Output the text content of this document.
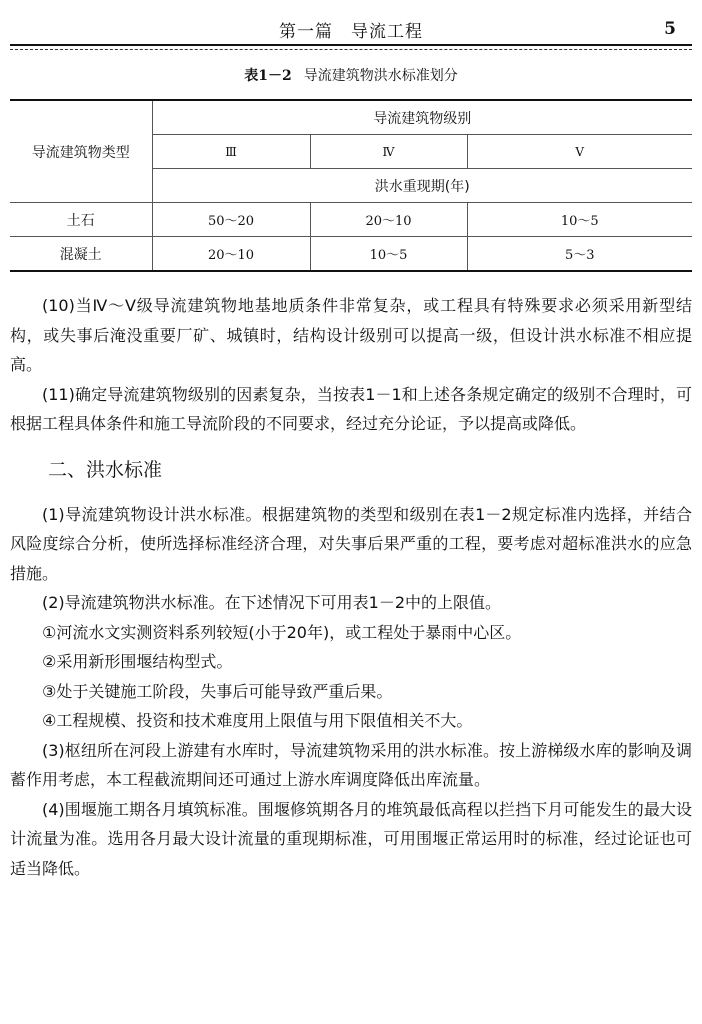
第一篇　导流工程	5
表1－2 导流建筑物洪水标准划分
导流建筑物类型	导流建筑物级别		
	Ⅲ	Ⅳ	Ⅴ
	洪水重现期(年)		
土石	50～20	20～10	10～5
混凝土	20～10	10～5	5～3

(10)当Ⅳ～Ⅴ级导流建筑物地基地质条件非常复杂，或工程具有特殊要求必须采用新型结构，或失事后淹没重要厂矿、城镇时，结构设计级别可以提高一级，但设计洪水标准不相应提高。

(11)确定导流建筑物级别的因素复杂，当按表1－1和上述各条规定确定的级别不合理时，可根据工程具体条件和施工导流阶段的不同要求，经过充分论证，予以提高或降低。

二、洪水标准

(1)导流建筑物设计洪水标准。根据建筑物的类型和级别在表1－2规定标准内选择，并结合风险度综合分析，使所选择标准经济合理，对失事后果严重的工程，要考虑对超标准洪水的应急措施。

(2)导流建筑物洪水标准。在下述情况下可用表1－2中的上限值。

①河流水文实测资料系列较短(小于20年)，或工程处于暴雨中心区。

②采用新形围堰结构型式。

③处于关键施工阶段，失事后可能导致严重后果。

④工程规模、投资和技术难度用上限值与用下限值相关不大。

(3)枢纽所在河段上游建有水库时，导流建筑物采用的洪水标准。按上游梯级水库的影响及调蓄作用考虑，本工程截流期间还可通过上游水库调度降低出库流量。

(4)围堰施工期各月填筑标准。围堰修筑期各月的堆筑最低高程以拦挡下月可能发生的最大设计流量为准。选用各月最大设计流量的重现期标准，可用围堰正常运用时的标准，经过论证也可适当降低。
